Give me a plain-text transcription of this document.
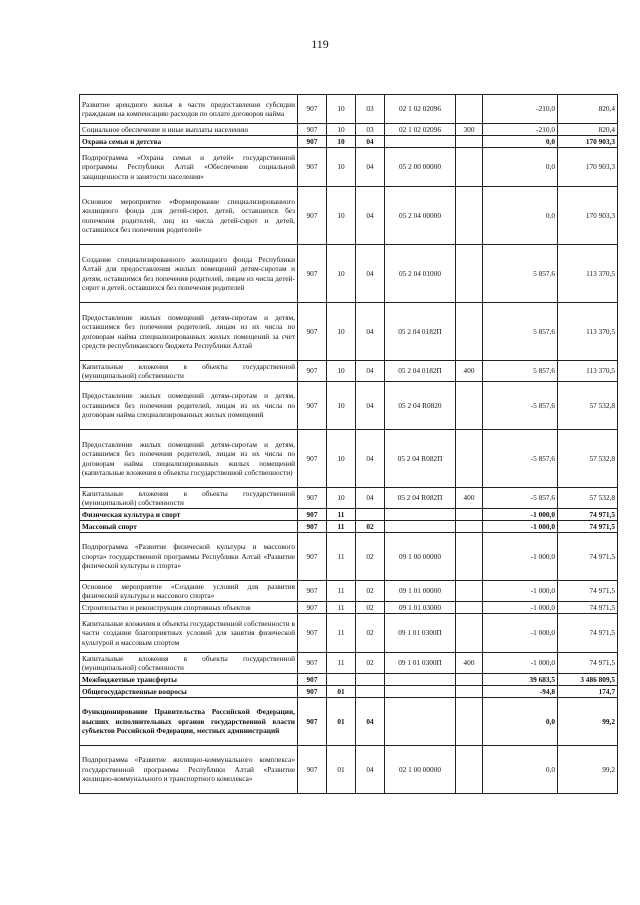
119
Развитие арендного жилья в части предоставления субсидии гражданам на компенсацию расходов по оплате договоров найма	907	10	03	02 1 02 02096		-210,0	820,4
Социальное обеспечение и иные выплаты населению	907	10	03	02 1 02 02096	300	-210,0	820,4
Охрана семьи и детства	907	10	04			0,0	170 903,3
Подпрограмма «Охрана семьи и детей» государственной программы Республики Алтай «Обеспечение социальной защищенности и занятости населения»	907	10	04	05 2 00 00000		0,0	170 903,3
Основное мероприятие «Формирование специализированного жилищного фонда для детей-сирот, детей, оставшихся без попечения родителей, лиц из числа детей-сирот и детей, оставшихся без попечения родителей»	907	10	04	05 2 04 00000		0,0	170 903,3
Создание специализированного жилищного фонда Республики Алтай для предоставления жилых помещений детям-сиротам и детям, оставшимся без попечения родителей, лицам из числа детей-сирот и детей, оставшихся без попечения родителей	907	10	04	05 2 04 01000		5 857,6	113 370,5
Предоставление жилых помещений детям-сиротам и детям, оставшимся без попечения родителей, лицам из их числа по договорам найма специализированных жилых помещений за счет средств республиканского бюджета Республики Алтай	907	10	04	05 2 04 0182П		5 857,6	113 370,5
Капитальные вложения в объекты государственной (муниципальной) собственности	907	10	04	05 2 04 0182П	400	5 857,6	113 370,5
Предоставление жилых помещений детям-сиротам и детям, оставшимся без попечения родителей, лицам из их числа по договорам найма специализированных жилых помещений	907	10	04	05 2 04 R0820		-5 857,6	57 532,8
Предоставление жилых помещений детям-сиротам и детям, оставшимся без попечения родителей, лицам из их числа по договорам найма специализированных жилых помещений (капитальные вложения в объекты государственной собственности)	907	10	04	05 2 04 R082П		-5 857,6	57 532,8
Капитальные вложения в объекты государственной (муниципальной) собственности	907	10	04	05 2 04 R082П	400	-5 857,6	57 532,8
Физическая культура и спорт	907	11				-1 000,0	74 971,5
Массовый спорт	907	11	02			-1 000,0	74 971,5
Подпрограмма «Развитие физической культуры и массового спорта» государственной программы Республики Алтай «Развитие физической культуры и спорта»	907	11	02	09 1 00 00000		-1 000,0	74 971,5
Основное мероприятие «Создание условий для развития физической культуры и массового спорта»	907	11	02	09 1 01 00000		-1 000,0	74 971,5
Строительство и реконструкция спортивных объектов	907	11	02	09 1 01 03000		-1 000,0	74 971,5
Капитальные вложения в объекты государственной собственности в части создания благоприятных условий для занятия физической культурой и массовым спортом	907	11	02	09 1 01 0300П		-1 000,0	74 971,5
Капитальные вложения в объекты государственной (муниципальной) собственности	907	11	02	09 1 01 0300П	400	-1 000,0	74 971,5
Межбюджетные трансферты	907					39 683,5	3 486 809,5
Общегосударственные вопросы	907	01				-94,8	174,7
Функционирование Правительства Российской Федерации, высших исполнительных органов государственной власти субъектов Российской Федерации, местных администраций	907	01	04			0,0	99,2
Подпрограмма «Развитие жилищно-коммунального комплекса» государственной программы Республики Алтай «Развитие жилищно-коммунального и транспортного комплекса»	907	01	04	02 1 00 00000		0,0	99,2
